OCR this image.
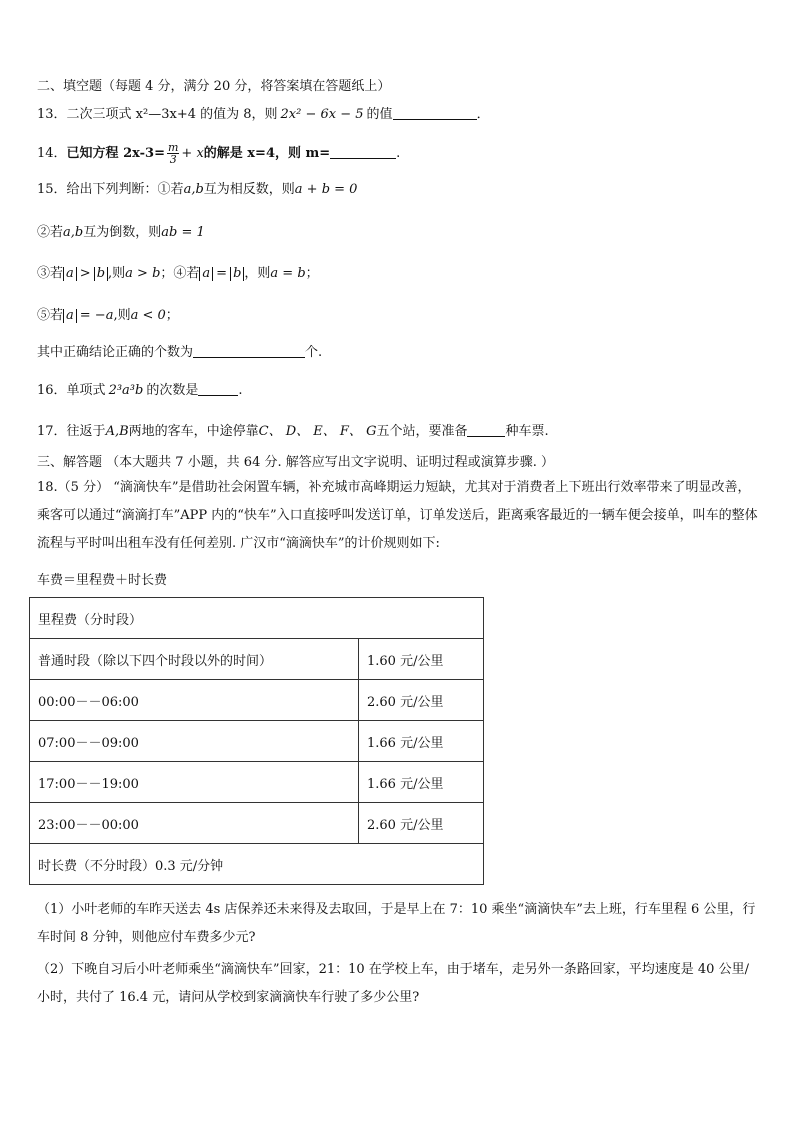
二、填空题（每题 4 分，满分 20 分，将答案填在答题纸上）
13．二次三项式 x²—3x+4 的值为 8，则 2x² − 6x − 5 的值	．
14．已知方程 $2x-3= \frac{m}{3} + x$的解是 x=4，则 m=	.
15．给出下列判断：①若a,b互为相反数，则a + b = 0
②若a,b互为倒数，则ab = 1
③若 a > b ,则a > b；④若 a = b ，则a = b；
⑤若 a = −a,则a < 0；
其中正确结论正确的个数为	个.
16．单项式 2³a³b 的次数是	.
17．往返于A,B两地的客车，中途停靠C、 D、 E、 F、 G五个站，要准备	种车票.
三、解答题 （本大题共 7 小题，共 64 分. 解答应写出文字说明、证明过程或演算步骤. ）
18.（5 分） “滴滴快车”是借助社会闲置车辆，补充城市高峰期运力短缺，尤其对于消费者上下班出行效率带来了明显改善，乘客可以通过“滴滴打车”APP 内的“快车”入口直接呼叫发送订单，订单发送后，距离乘客最近的一辆车便会接单，叫车的整体流程与平时叫出租车没有任何差别. 广汉市“滴滴快车”的计价规则如下:
车费＝里程费＋时长费
里程费（分时段）	
普通时段（除以下四个时段以外的时间）	1.60 元/公里
00:00－－06:00	2.60 元/公里
07:00－－09:00	1.66 元/公里
17:00－－19:00	1.66 元/公里
23:00－－00:00	2.60 元/公里
时长费（不分时段）0.3 元/分钟	
（1）小叶老师的车昨天送去 4s 店保养还未来得及去取回，于是早上在 7：10 乘坐“滴滴快车”去上班，行车里程 6 公里，行车时间 8 分钟，则他应付车费多少元?
（2）下晚自习后小叶老师乘坐“滴滴快车”回家，21：10 在学校上车，由于堵车，走另外一条路回家，平均速度是 40 公里/小时，共付了 16.4 元，请问从学校到家滴滴快车行驶了多少公里?
